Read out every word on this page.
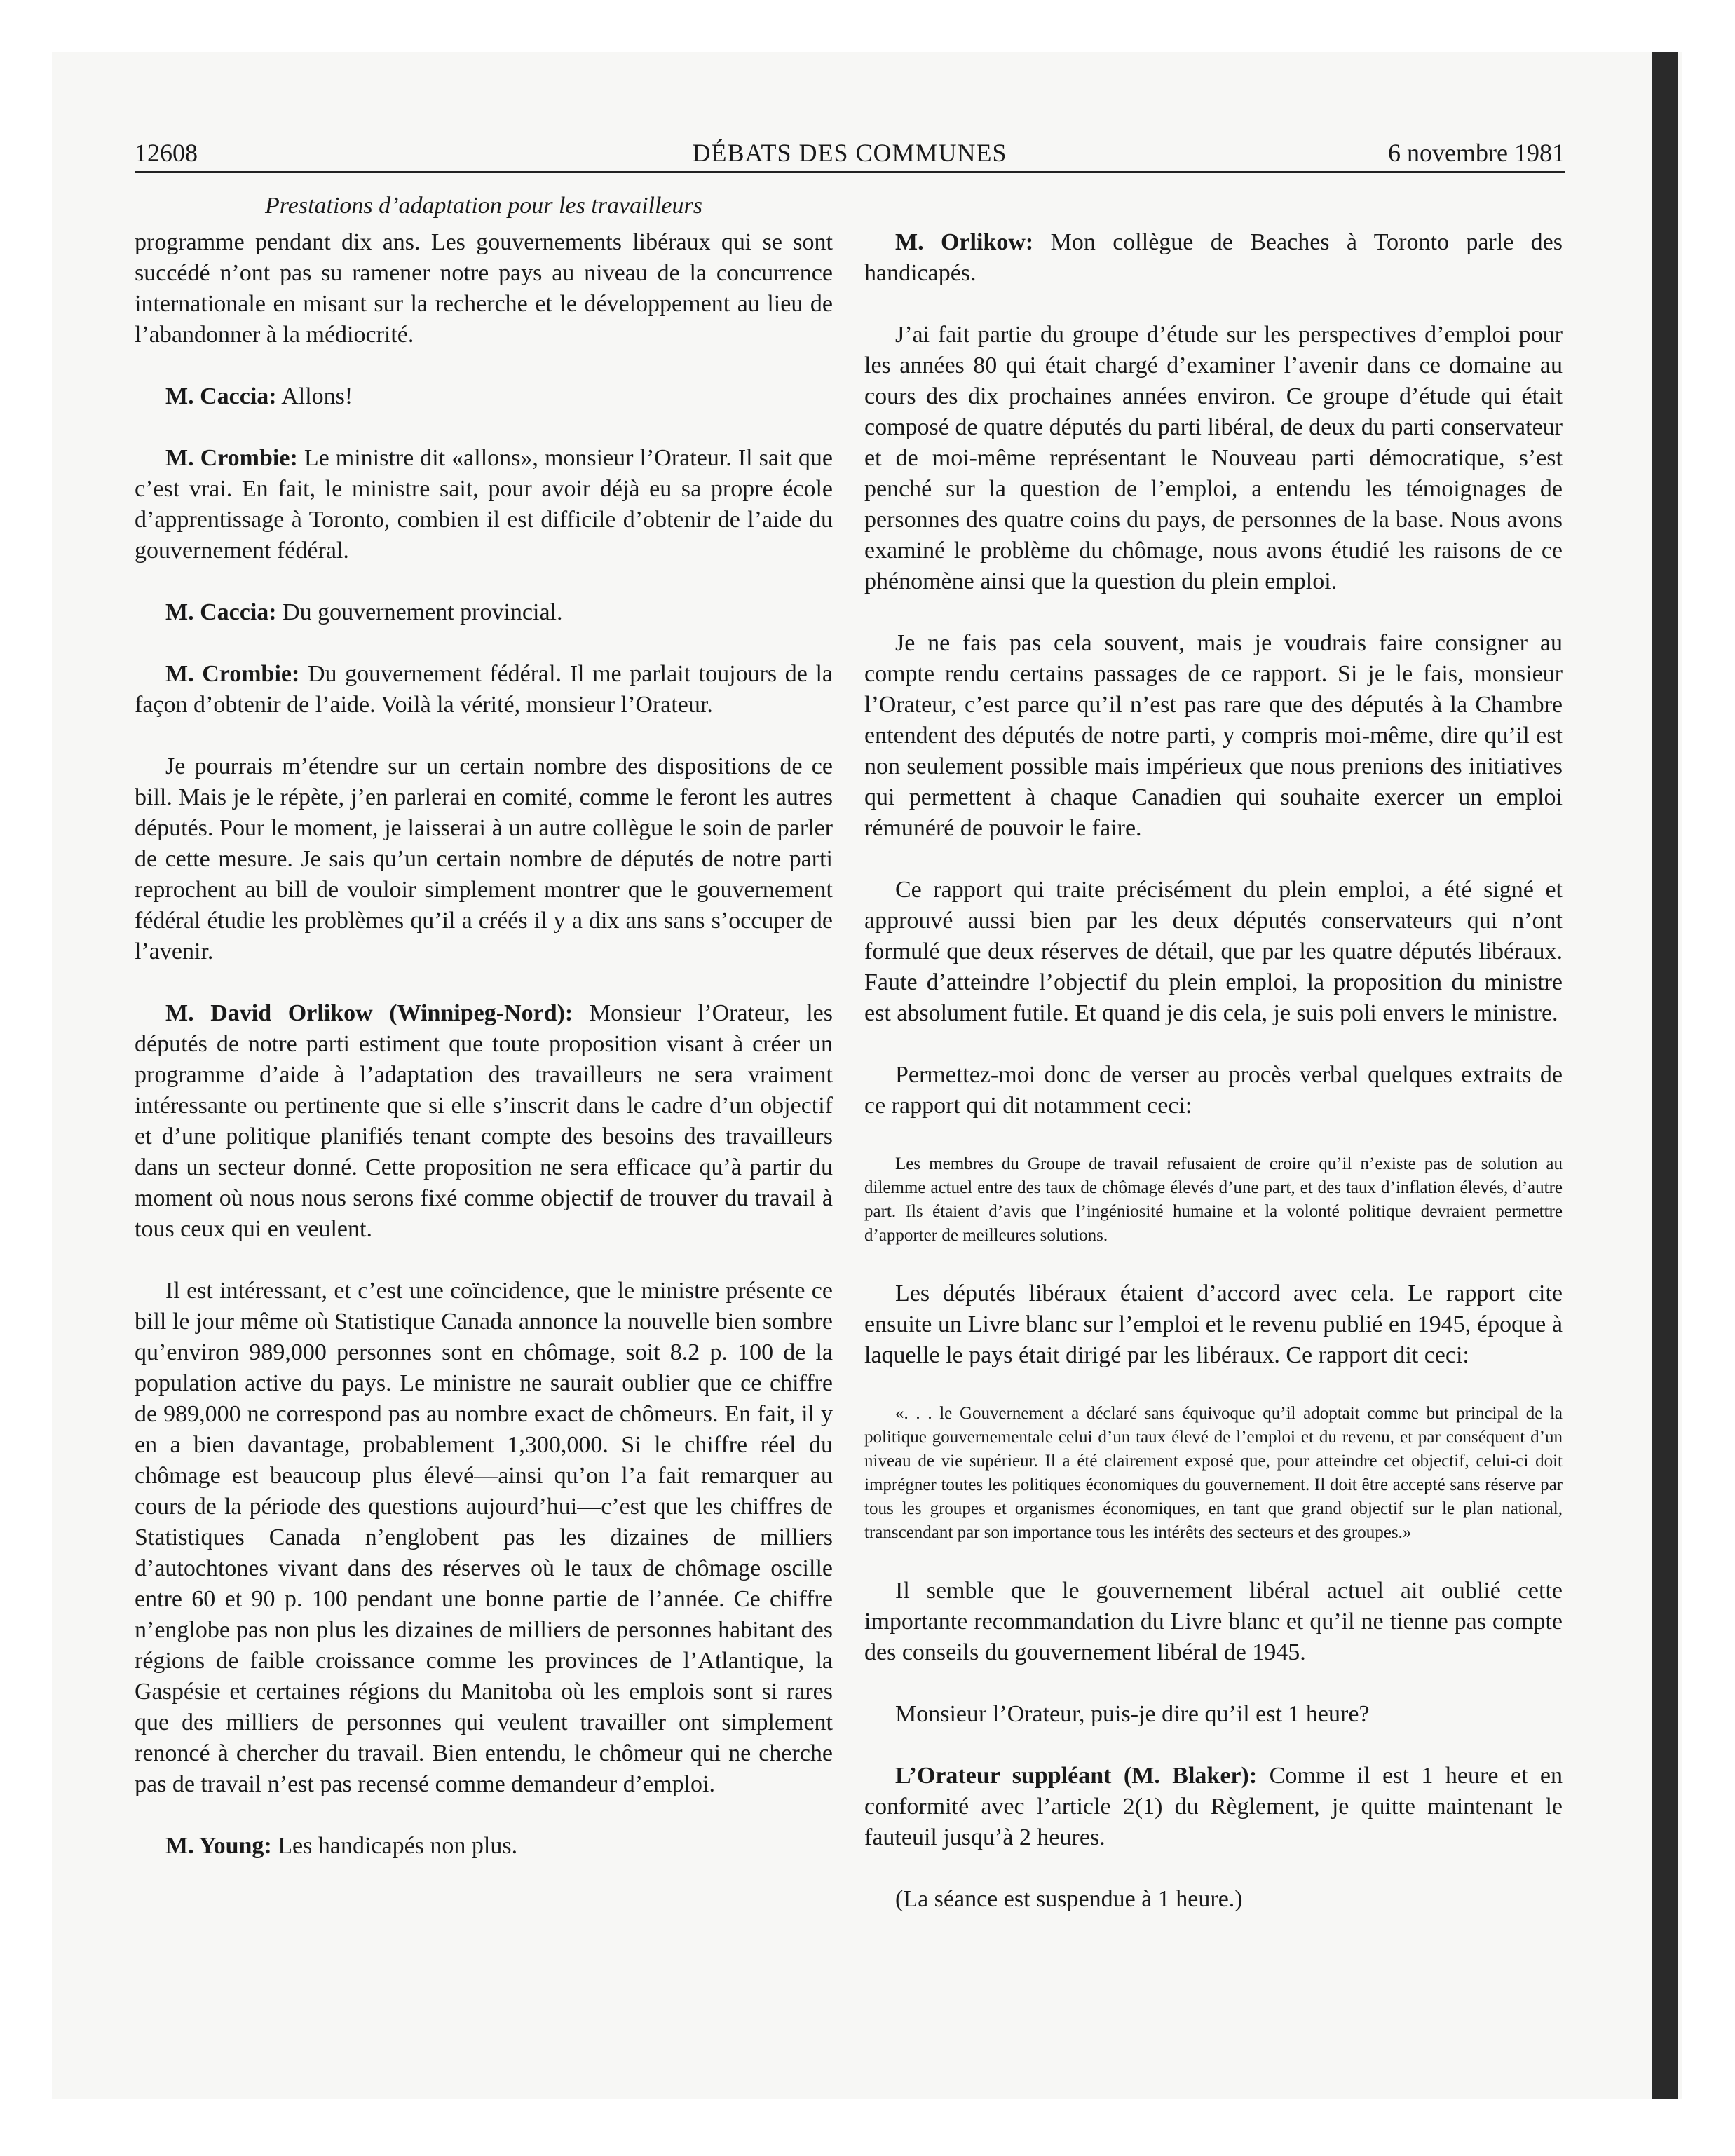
12608	DÉBATS DES COMMUNES	6 novembre 1981
Prestations d’adaptation pour les travailleurs

programme pendant dix ans. Les gouvernements libéraux qui se sont succédé n’ont pas su ramener notre pays au niveau de la concurrence internationale en misant sur la recherche et le développement au lieu de l’abandonner à la médiocrité.

M. Caccia: Allons!

M. Crombie: Le ministre dit «allons», monsieur l’Orateur. Il sait que c’est vrai. En fait, le ministre sait, pour avoir déjà eu sa propre école d’apprentissage à Toronto, combien il est difficile d’obtenir de l’aide du gouvernement fédéral.

M. Caccia: Du gouvernement provincial.

M. Crombie: Du gouvernement fédéral. Il me parlait toujours de la façon d’obtenir de l’aide. Voilà la vérité, monsieur l’Orateur.

Je pourrais m’étendre sur un certain nombre des dispositions de ce bill. Mais je le répète, j’en parlerai en comité, comme le feront les autres députés. Pour le moment, je laisserai à un autre collègue le soin de parler de cette mesure. Je sais qu’un certain nombre de députés de notre parti reprochent au bill de vouloir simplement montrer que le gouvernement fédéral étudie les problèmes qu’il a créés il y a dix ans sans s’occuper de l’avenir.

M. David Orlikow (Winnipeg-Nord): Monsieur l’Orateur, les députés de notre parti estiment que toute proposition visant à créer un programme d’aide à l’adaptation des travailleurs ne sera vraiment intéressante ou pertinente que si elle s’inscrit dans le cadre d’un objectif et d’une politique planifiés tenant compte des besoins des travailleurs dans un secteur donné. Cette proposition ne sera efficace qu’à partir du moment où nous nous serons fixé comme objectif de trouver du travail à tous ceux qui en veulent.

Il est intéressant, et c’est une coïncidence, que le ministre présente ce bill le jour même où Statistique Canada annonce la nouvelle bien sombre qu’environ 989,000 personnes sont en chômage, soit 8.2 p. 100 de la population active du pays. Le ministre ne saurait oublier que ce chiffre de 989,000 ne correspond pas au nombre exact de chômeurs. En fait, il y en a bien davantage, probablement 1,300,000. Si le chiffre réel du chômage est beaucoup plus élevé—ainsi qu’on l’a fait remarquer au cours de la période des questions aujourd’hui—c’est que les chiffres de Statistiques Canada n’englobent pas les dizaines de milliers d’autochtones vivant dans des réserves où le taux de chômage oscille entre 60 et 90 p. 100 pendant une bonne partie de l’année. Ce chiffre n’englobe pas non plus les dizaines de milliers de personnes habitant des régions de faible croissance comme les provinces de l’Atlantique, la Gaspésie et certaines régions du Manitoba où les emplois sont si rares que des milliers de personnes qui veulent travailler ont simplement renoncé à chercher du travail. Bien entendu, le chômeur qui ne cherche pas de travail n’est pas recensé comme demandeur d’emploi.

M. Young: Les handicapés non plus.

M. Orlikow: Mon collègue de Beaches à Toronto parle des handicapés.

J’ai fait partie du groupe d’étude sur les perspectives d’emploi pour les années 80 qui était chargé d’examiner l’avenir dans ce domaine au cours des dix prochaines années environ. Ce groupe d’étude qui était composé de quatre députés du parti libéral, de deux du parti conservateur et de moi-même représentant le Nouveau parti démocratique, s’est penché sur la question de l’emploi, a entendu les témoignages de personnes des quatre coins du pays, de personnes de la base. Nous avons examiné le problème du chômage, nous avons étudié les raisons de ce phénomène ainsi que la question du plein emploi.

Je ne fais pas cela souvent, mais je voudrais faire consigner au compte rendu certains passages de ce rapport. Si je le fais, monsieur l’Orateur, c’est parce qu’il n’est pas rare que des députés à la Chambre entendent des députés de notre parti, y compris moi-même, dire qu’il est non seulement possible mais impérieux que nous prenions des initiatives qui permettent à chaque Canadien qui souhaite exercer un emploi rémunéré de pouvoir le faire.

Ce rapport qui traite précisément du plein emploi, a été signé et approuvé aussi bien par les deux députés conservateurs qui n’ont formulé que deux réserves de détail, que par les quatre députés libéraux. Faute d’atteindre l’objectif du plein emploi, la proposition du ministre est absolument futile. Et quand je dis cela, je suis poli envers le ministre.

Permettez-moi donc de verser au procès verbal quelques extraits de ce rapport qui dit notamment ceci:

Les membres du Groupe de travail refusaient de croire qu’il n’existe pas de solution au dilemme actuel entre des taux de chômage élevés d’une part, et des taux d’inflation élevés, d’autre part. Ils étaient d’avis que l’ingéniosité humaine et la volonté politique devraient permettre d’apporter de meilleures solutions.

Les députés libéraux étaient d’accord avec cela. Le rapport cite ensuite un Livre blanc sur l’emploi et le revenu publié en 1945, époque à laquelle le pays était dirigé par les libéraux. Ce rapport dit ceci:

«. . . le Gouvernement a déclaré sans équivoque qu’il adoptait comme but principal de la politique gouvernementale celui d’un taux élevé de l’emploi et du revenu, et par conséquent d’un niveau de vie supérieur. Il a été clairement exposé que, pour atteindre cet objectif, celui-ci doit imprégner toutes les politiques économiques du gouvernement. Il doit être accepté sans réserve par tous les groupes et organismes économiques, en tant que grand objectif sur le plan national, transcendant par son importance tous les intérêts des secteurs et des groupes.»

Il semble que le gouvernement libéral actuel ait oublié cette importante recommandation du Livre blanc et qu’il ne tienne pas compte des conseils du gouvernement libéral de 1945.

Monsieur l’Orateur, puis-je dire qu’il est 1 heure?

L’Orateur suppléant (M. Blaker): Comme il est 1 heure et en conformité avec l’article 2(1) du Règlement, je quitte maintenant le fauteuil jusqu’à 2 heures.

(La séance est suspendue à 1 heure.)
